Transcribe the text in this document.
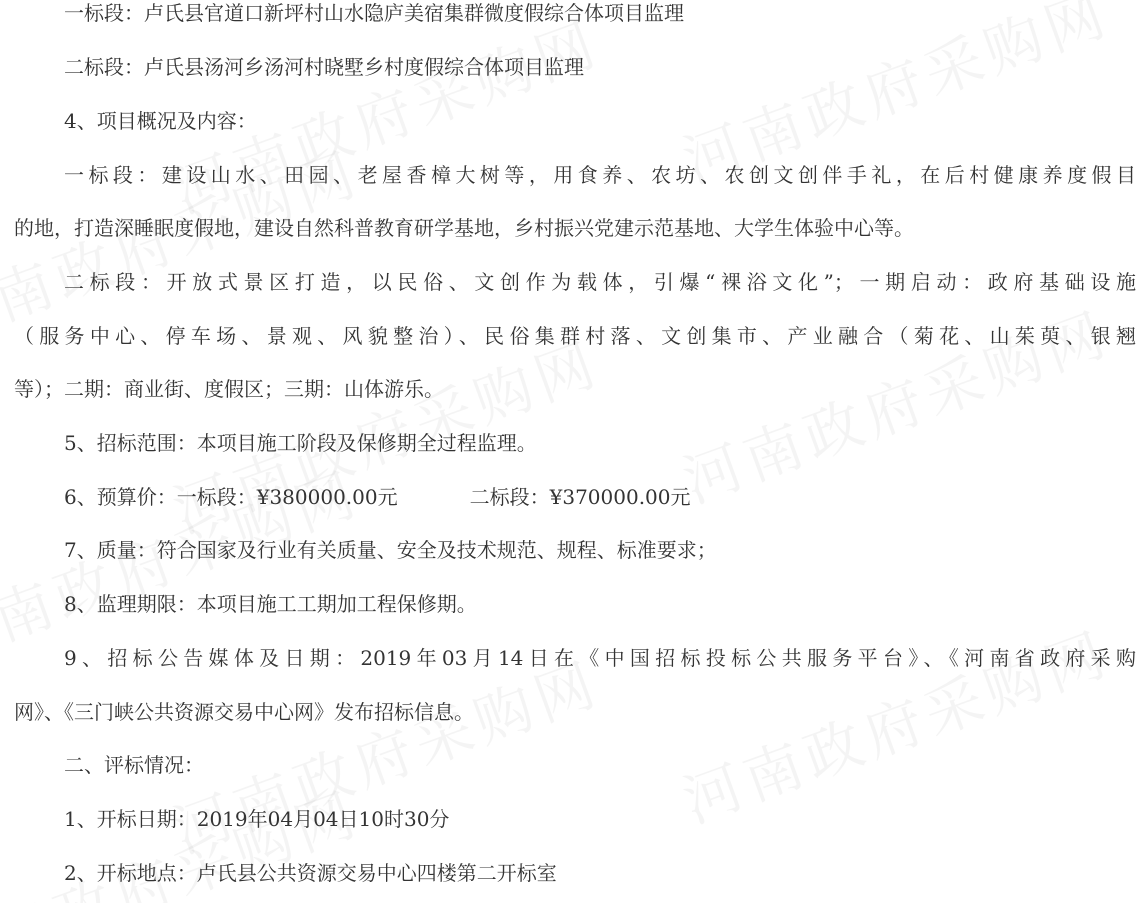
一标段：卢氏县官道口新坪村山水隐庐美宿集群微度假综合体项目监理

二标段：卢氏县汤河乡汤河村晓墅乡村度假综合体项目监理

4、项目概况及内容：

一标段：建设山水、田园、老屋香樟大树等，用食养、农坊、农创文创伴手礼，在后村健康养度假目

的地，打造深睡眠度假地，建设自然科普教育研学基地，乡村振兴党建示范基地、大学生体验中心等。

二标段：开放式景区打造，以民俗、文创作为载体，引爆“裸浴文化”；一期启动：政府基础设施

（服务中心、停车场、景观、风貌整治）、民俗集群村落、文创集市、产业融合（菊花、山茱萸、银翘

等）；二期：商业街、度假区；三期：山体游乐。

5、招标范围：本项目施工阶段及保修期全过程监理。

6、预算价：一标段：¥380000.00元	二标段：¥370000.00元

7、质量：符合国家及行业有关质量、安全及技术规范、规程、标准要求；

8、监理期限：本项目施工工期加工程保修期。

9、招标公告媒体及日期：2019年03月14日在《中国招标投标公共服务平台》、《河南省政府采购

网》、《三门峡公共资源交易中心网》发布招标信息。

二、评标情况：

1、开标日期：2019年04月04日10时30分

2、开标地点：卢氏县公共资源交易中心四楼第二开标室
